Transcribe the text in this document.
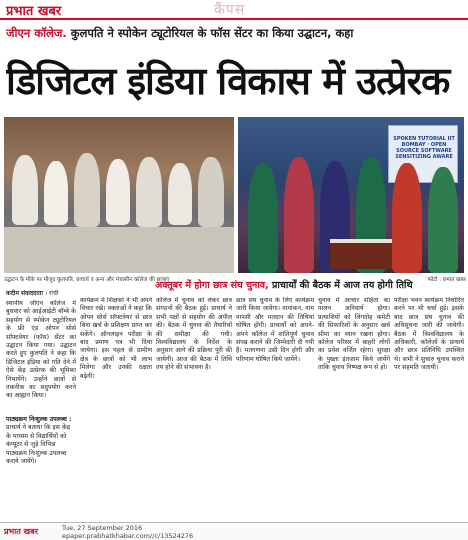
प्रभात खबर	कैंपस
जीएन कॉलेज. कुलपति ने स्पोकेन ट्यूटोरियल के फॉस सेंटर का किया उद्घाटन, कहा
डिजिटल इंडिया विकास में उत्प्रेरक
SPOKEN TUTORIAL IIT BOMBAY · OPEN SOURCE SOFTWARE SENSITIZING AWARE
उद्घाटन के मौके पर मौजूद कुलपति, प्राचार्य व अन्य और मंचासीन कॉलेज की छात्राएं	फोटो : प्रभात खबर
अक्तूबर में होगा छात्र संघ चुनाव, प्राचार्यों की बैठक में आज तय होगी तिथि
कदीम संवाददाता । रांची

स्थानीय जीएन कॉलेज में बुधवार को आईआईटी बॉम्बे के सहयोग से स्पोकेन ट्यूटोरियल के फ्री एंड ओपन सोर्स सॉफ्टवेयर (फॉस) सेंटर का उद्घाटन किया गया। उद्घाटन करते हुए कुलपति ने कहा कि डिजिटल इंडिया को गति देने में ऐसे केंद्र उत्प्रेरक की भूमिका निभायेंगे। उन्होंने छात्रों से तकनीक का सदुपयोग करने का आह्वान किया।

पाठ्यक्रम निःशुल्क उपलब्ध : प्राचार्य ने बताया कि इस केंद्र के माध्यम से विद्यार्थियों को कंप्यूटर से जुड़े विभिन्न पाठ्यक्रम निःशुल्क उपलब्ध कराये जायेंगे।

कार्यक्रम में शिक्षकों ने भी अपने विचार रखे। वक्ताओं ने कहा कि ओपन सोर्स सॉफ्टवेयर से छात्र बिना खर्च के प्रशिक्षण प्राप्त कर सकेंगे। ऑनलाइन परीक्षा के बाद प्रमाण पत्र भी दिया जायेगा। इस पहल से ग्रामीण क्षेत्र के छात्रों को भी लाभ मिलेगा और उनकी दक्षता बढ़ेगी।

कॉलेज में चुनाव को लेकर छात्र संगठनों की बैठक हुई। प्राचार्य ने सभी पक्षों से सहयोग की अपील की। बैठक में चुनाव की तैयारियों की समीक्षा की गयी। विश्वविद्यालय के निर्देश के अनुसार आगे की प्रक्रिया पूरी की जायेगी। आज की बैठक में तिथि तय होने की संभावना है।

छात्र संघ चुनाव के लिए कार्यक्रम जारी किया जायेगा। नामांकन, नाम वापसी और मतदान की तिथियां घोषित होंगी। प्राचार्यों को अपने-अपने कॉलेज में शांतिपूर्ण चुनाव संपन्न कराने की जिम्मेदारी दी गयी है। मतगणना उसी दिन होगी और परिणाम घोषित किये जायेंगे।

चुनाव में आचार संहिता का पालन अनिवार्य होगा। प्रत्याशियों को लिंगदोह कमेटी की सिफारिशों के अनुसार खर्च सीमा का ध्यान रखना होगा। कॉलेज परिसर में बाहरी लोगों का प्रवेश वर्जित रहेगा। सुरक्षा के पुख्ता इंतजाम किये जायेंगे ताकि चुनाव निष्पक्ष रूप से हो।

परीक्षा भवन कार्यक्रम निर्धारित करने पर भी चर्चा हुई। इसके बाद छात्र संघ चुनाव की अधिसूचना जारी की जायेगी। बैठक में विश्वविद्यालय के अधिकारी, कॉलेजों के प्राचार्य और छात्र प्रतिनिधि उपस्थित थे। सभी ने सुचारु चुनाव कराने पर सहमति जतायी।

प्रभात खबर	Tue, 27 September 2016
epaper.prabhatkhabar.com//c/13524276
